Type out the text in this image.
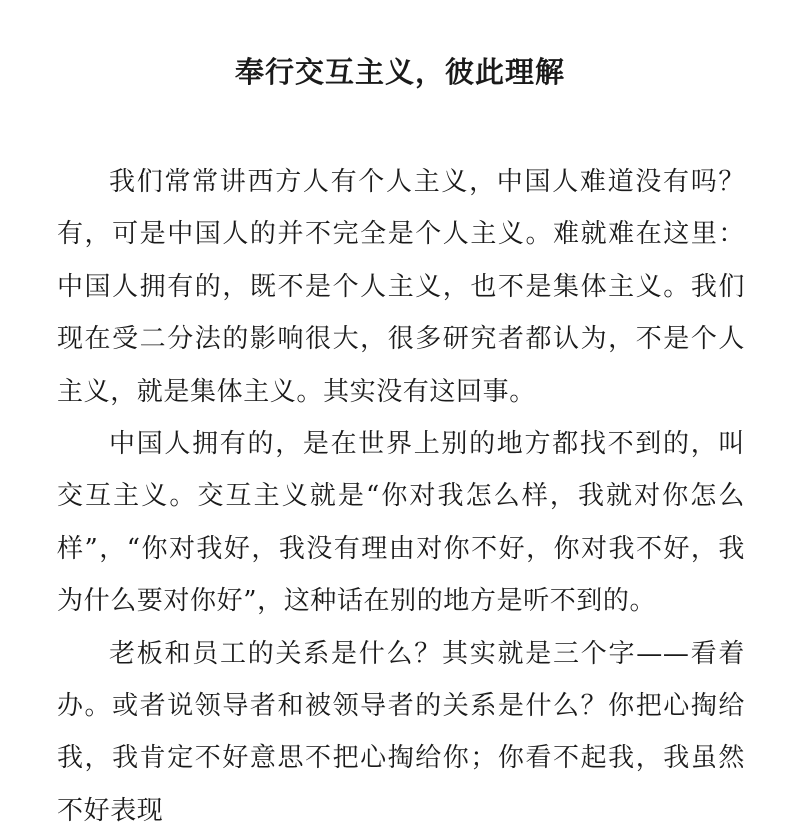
奉行交互主义，彼此理解

我们常常讲西方人有个人主义，中国人难道没有吗？有，可是中国人的并不完全是个人主义。难就难在这里：中国人拥有的，既不是个人主义，也不是集体主义。我们现在受二分法的影响很大，很多研究者都认为，不是个人主义，就是集体主义。其实没有这回事。

中国人拥有的，是在世界上别的地方都找不到的，叫交互主义。交互主义就是“你对我怎么样，我就对你怎么样”，“你对我好，我没有理由对你不好，你对我不好，我为什么要对你好”，这种话在别的地方是听不到的。

老板和员工的关系是什么？其实就是三个字——看着办。或者说领导者和被领导者的关系是什么？你把心掏给我，我肯定不好意思不把心掏给你；你看不起我，我虽然不好表现
